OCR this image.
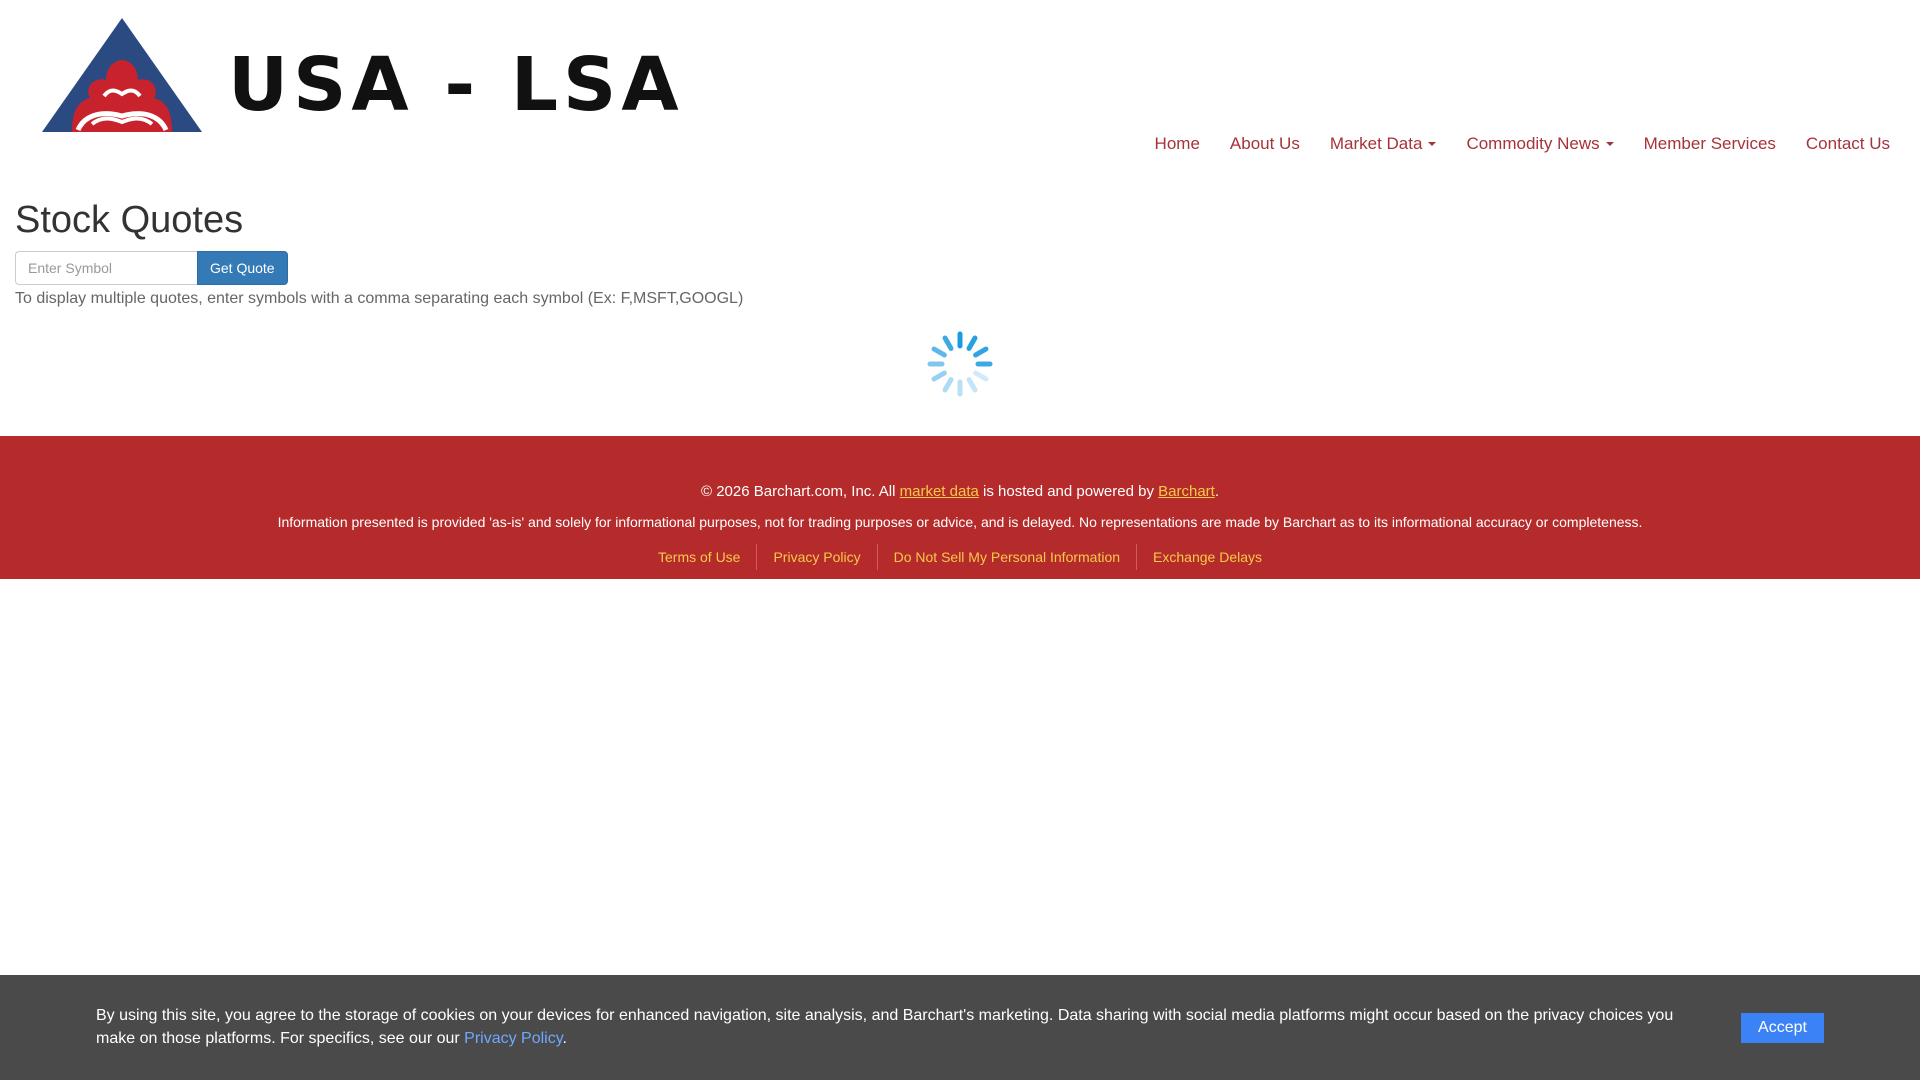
USA - LSA
Home About Us Market Data	Commodity News	Member Services Contact Us
Stock Quotes
Enter Symbol
Get Quote
To display multiple quotes, enter symbols with a comma separating each symbol (Ex: F,MSFT,GOOGL)
© 2026 Barchart.com, Inc. All market data is hosted and powered by Barchart.
Information presented is provided 'as-is' and solely for informational purposes, not for trading purposes or advice, and is delayed. No representations are made by Barchart as to its informational accuracy or completeness.
Terms of Use	Privacy Policy	Do Not Sell My Personal Information	Exchange Delays
By using this site, you agree to the storage of cookies on your devices for enhanced navigation, site analysis, and Barchart's marketing. Data sharing with social media platforms might occur based on the privacy choices you make on those platforms. For specifics, see our our Privacy Policy.
Accept
